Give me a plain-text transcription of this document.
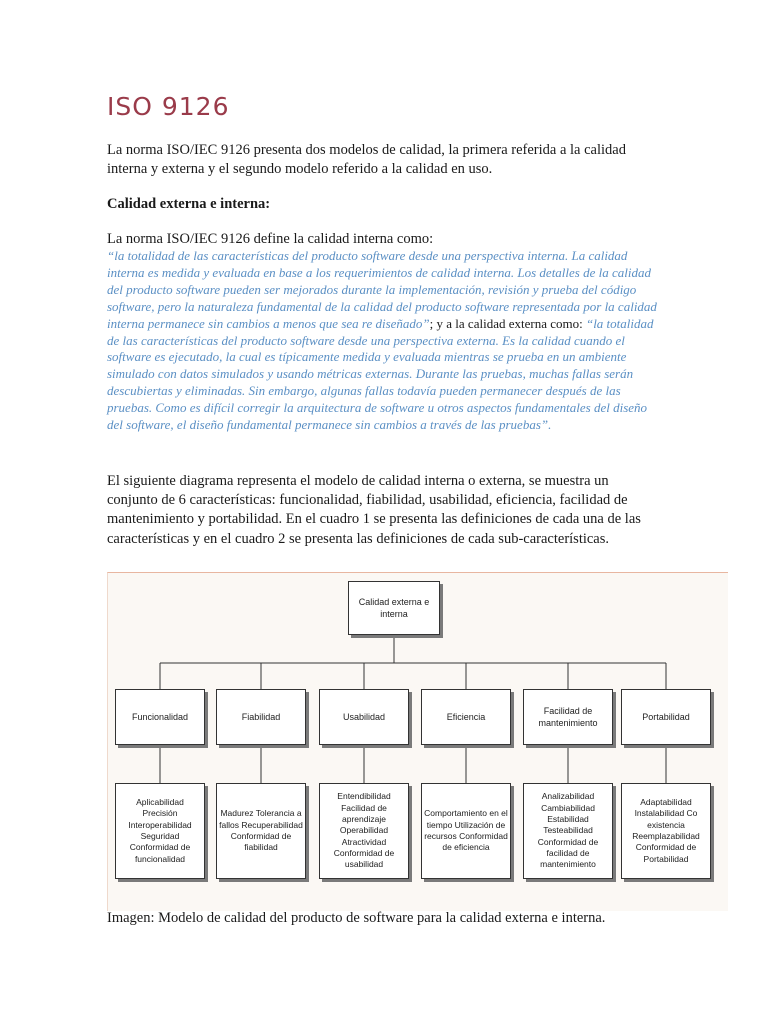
ISO 9126

La norma ISO/IEC 9126 presenta dos modelos de calidad, la primera referida a la calidad interna y externa y el segundo modelo referido a la calidad en uso.

Calidad externa e interna:

La norma ISO/IEC 9126 define la calidad interna como:

“la totalidad de las características del producto software desde una perspectiva interna. La calidad interna es medida y evaluada en base a los requerimientos de calidad interna. Los detalles de la calidad del producto software pueden ser mejorados durante la implementación, revisión y prueba del código software, pero la naturaleza fundamental de la calidad del producto software representada por la calidad interna permanece sin cambios a menos que sea re diseñado”; y a la calidad externa como: “la totalidad de las características del producto software desde una perspectiva externa. Es la calidad cuando el software es ejecutado, la cual es típicamente medida y evaluada mientras se prueba en un ambiente simulado con datos simulados y usando métricas externas. Durante las pruebas, muchas fallas serán descubiertas y eliminadas. Sin embargo, algunas fallas todavía pueden permanecer después de las pruebas. Como es difícil corregir la arquitectura de software u otros aspectos fundamentales del diseño del software, el diseño fundamental permanece sin cambios a través de las pruebas”.

El siguiente diagrama representa el modelo de calidad interna o externa, se muestra un conjunto de 6 características: funcionalidad, fiabilidad, usabilidad, eficiencia, facilidad de mantenimiento y portabilidad. En el cuadro 1 se presenta las definiciones de cada una de las características y en el cuadro 2 se presenta las definiciones de cada sub-características.

Calidad externa e interna
Funcionalidad	Fiabilidad	Usabilidad	Eficiencia
Facilidad de mantenimiento
Portabilidad
Aplicabilidad Precisión Interoperabilidad Seguridad Conformidad de funcionalidad
Madurez Tolerancia a fallos Recuperabilidad Conformidad de fiabilidad
Entendibilidad Facilidad de aprendizaje Operabilidad Atractividad Conformidad de usabilidad
Comportamiento en el tiempo Utilización de recursos Conformidad de eficiencia
Analizabilidad Cambiabilidad Estabilidad Testeabilidad Conformidad de facilidad de mantenimiento
Adaptabilidad Instalabilidad Co existencia Reemplazabilidad Conformidad de Portabilidad

Imagen: Modelo de calidad del producto de software para la calidad externa e interna.
